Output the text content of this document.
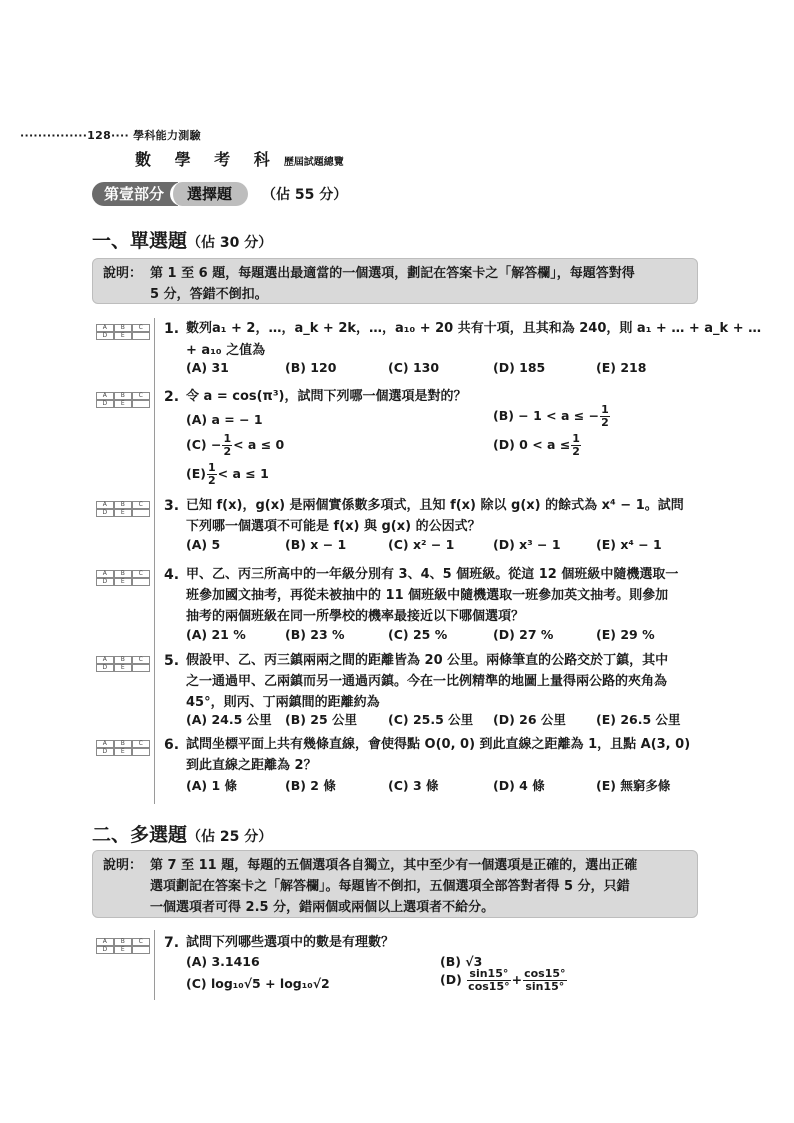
···············128···· 學科能力測驗
數 學 考 科 歷屆試題總覽
第壹部分	選擇題	（佔 55 分）
一、單選題（佔 30 分）
說明： 第 1 至 6 題，每題選出最適當的一個選項，劃記在答案卡之「解答欄」，每題答對得
5 分，答錯不倒扣。
A	B	C
D	E	1. 數列a₁ + 2，…，a_k + 2k，…，a₁₀ + 20 共有十項，且其和為 240，則 a₁ + … + a_k + …
+ a₁₀ 之值為
(A) 31	(B) 120	(C) 130	(D) 185	(E) 218
A	B	C
D	E	2. 令 a = cos(π³)，試問下列哪一個選項是對的？
(A) a = − 1	(B) − 1 < a ≤ − $\frac{1}{2}$
$(C) - \frac{1}{2} < a \le 0$	(D) $0 < a \le \frac{1}{2}$
$(E) \frac{1}{2} < a \le 1$
A	B	C
D	E	3. 已知 f(x)，g(x) 是兩個實係數多項式，且知 f(x) 除以 g(x) 的餘式為 x⁴ − 1。試問
下列哪一個選項不可能是 f(x) 與 g(x) 的公因式？
(A) 5	(B) x − 1	(C) x² − 1	(D) x³ − 1	(E) x⁴ − 1
A	B	C
D	E	4. 甲、乙、丙三所高中的一年級分別有 3、4、5 個班級。從這 12 個班級中隨機選取一
班參加國文抽考，再從未被抽中的 11 個班級中隨機選取一班參加英文抽考。則參加
抽考的兩個班級在同一所學校的機率最接近以下哪個選項？
(A) 21 %	(B) 23 %	(C) 25 %	(D) 27 %	(E) 29 %
A	B	C
D	E	5. 假設甲、乙、丙三鎮兩兩之間的距離皆為 20 公里。兩條筆直的公路交於丁鎮，其中
之一通過甲、乙兩鎮而另一通過丙鎮。今在一比例精準的地圖上量得兩公路的夾角為
45°，則丙、丁兩鎮間的距離約為
(A) 24.5 公里 (B) 25 公里 (C) 25.5 公里 (D) 26 公里 (E) 26.5 公里
A	B	C
D	E	6. 試問坐標平面上共有幾條直線，會使得點 O(0, 0) 到此直線之距離為 1，且點 A(3, 0)
到此直線之距離為 2？
(A) 1 條	(B) 2 條	(C) 3 條	(D) 4 條	(E) 無窮多條
二、多選題（佔 25 分）
說明： 第 7 至 11 題，每題的五個選項各自獨立，其中至少有一個選項是正確的，選出正確
選項劃記在答案卡之「解答欄」。每題皆不倒扣，五個選項全部答對者得 5 分，只錯
一個選項者可得 2.5 分，錯兩個或兩個以上選項者不給分。
A	B	C
D	E	7. 試問下列哪些選項中的數是有理數？
(A) 3.1416	(B) √3
(C) log₁₀√5 + log₁₀√2	$(D) \frac{\sin 15^\circ}{\cos 15^\circ} + \frac{\cos 15^\circ}{\sin 15^\circ}$
